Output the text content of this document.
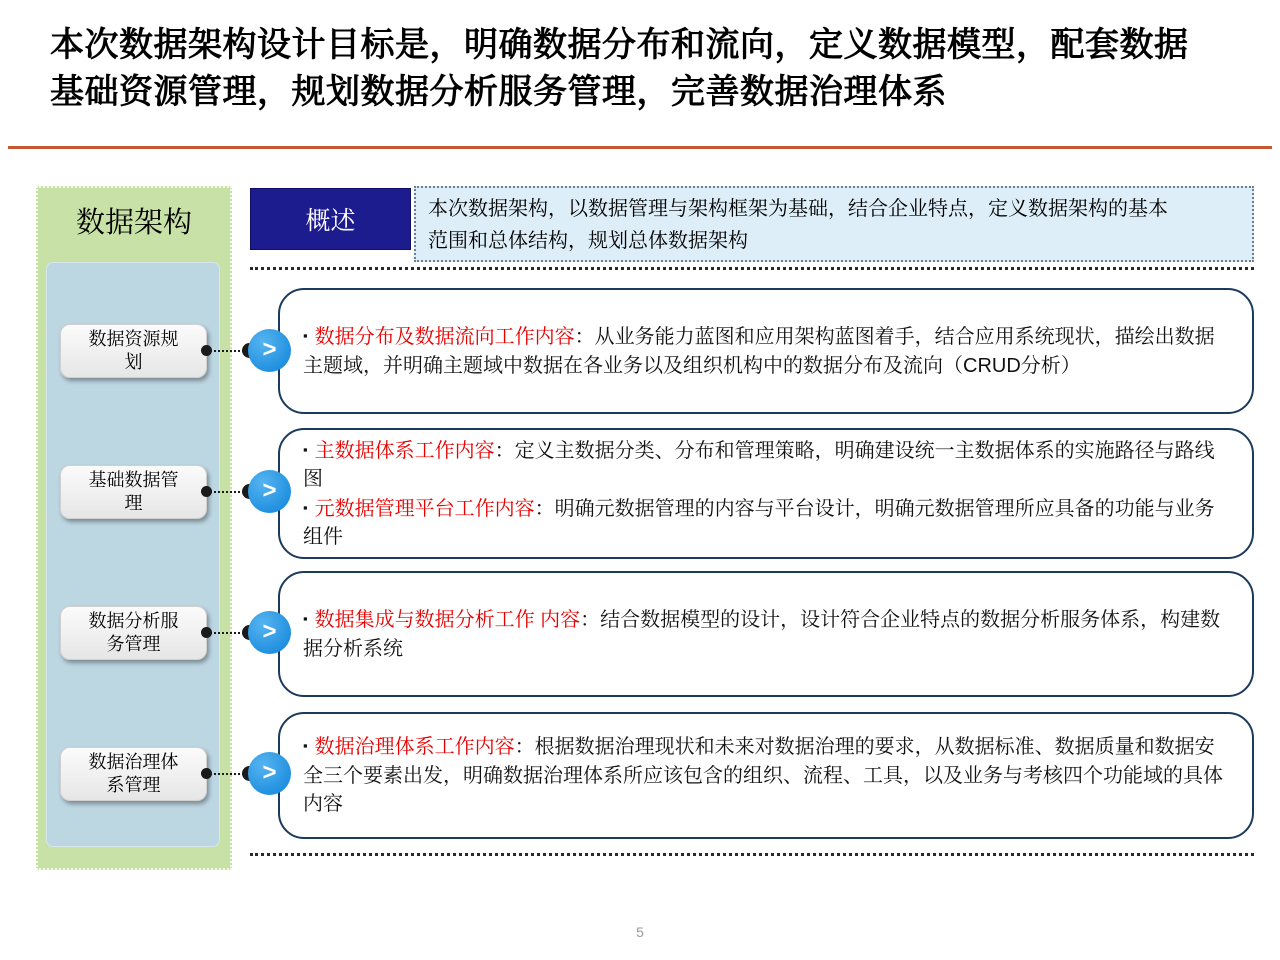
本次数据架构设计目标是，明确数据分布和流向，定义数据模型，配套数据
基础资源管理，规划数据分析服务管理，完善数据治理体系
数据架构
数据资源规划
基础数据管理
数据分析服务管理
数据治理体系管理
>
>
>
>
概述	本次数据架构，以数据管理与架构框架为基础，结合企业特点，定义数据架构的基本范围和总体结构，规划总体数据架构

▪ 数据分布及数据流向工作内容：从业务能力蓝图和应用架构蓝图着手，结合应用系统现状，描绘出数据主题域，并明确主题域中数据在各业务以及组织机构中的数据分布及流向（CRUD分析）

▪ 主数据体系工作内容：定义主数据分类、分布和管理策略，明确建设统一主数据体系的实施路径与路线图

▪ 元数据管理平台工作内容：明确元数据管理的内容与平台设计，明确元数据管理所应具备的功能与业务组件

▪ 数据集成与数据分析工作 内容：结合数据模型的设计，设计符合企业特点的数据分析服务体系，构建数据分析系统

▪ 数据治理体系工作内容：根据数据治理现状和未来对数据治理的要求，从数据标准、数据质量和数据安全三个要素出发，明确数据治理体系所应该包含的组织、流程、工具，以及业务与考核四个功能域的具体内容

5
